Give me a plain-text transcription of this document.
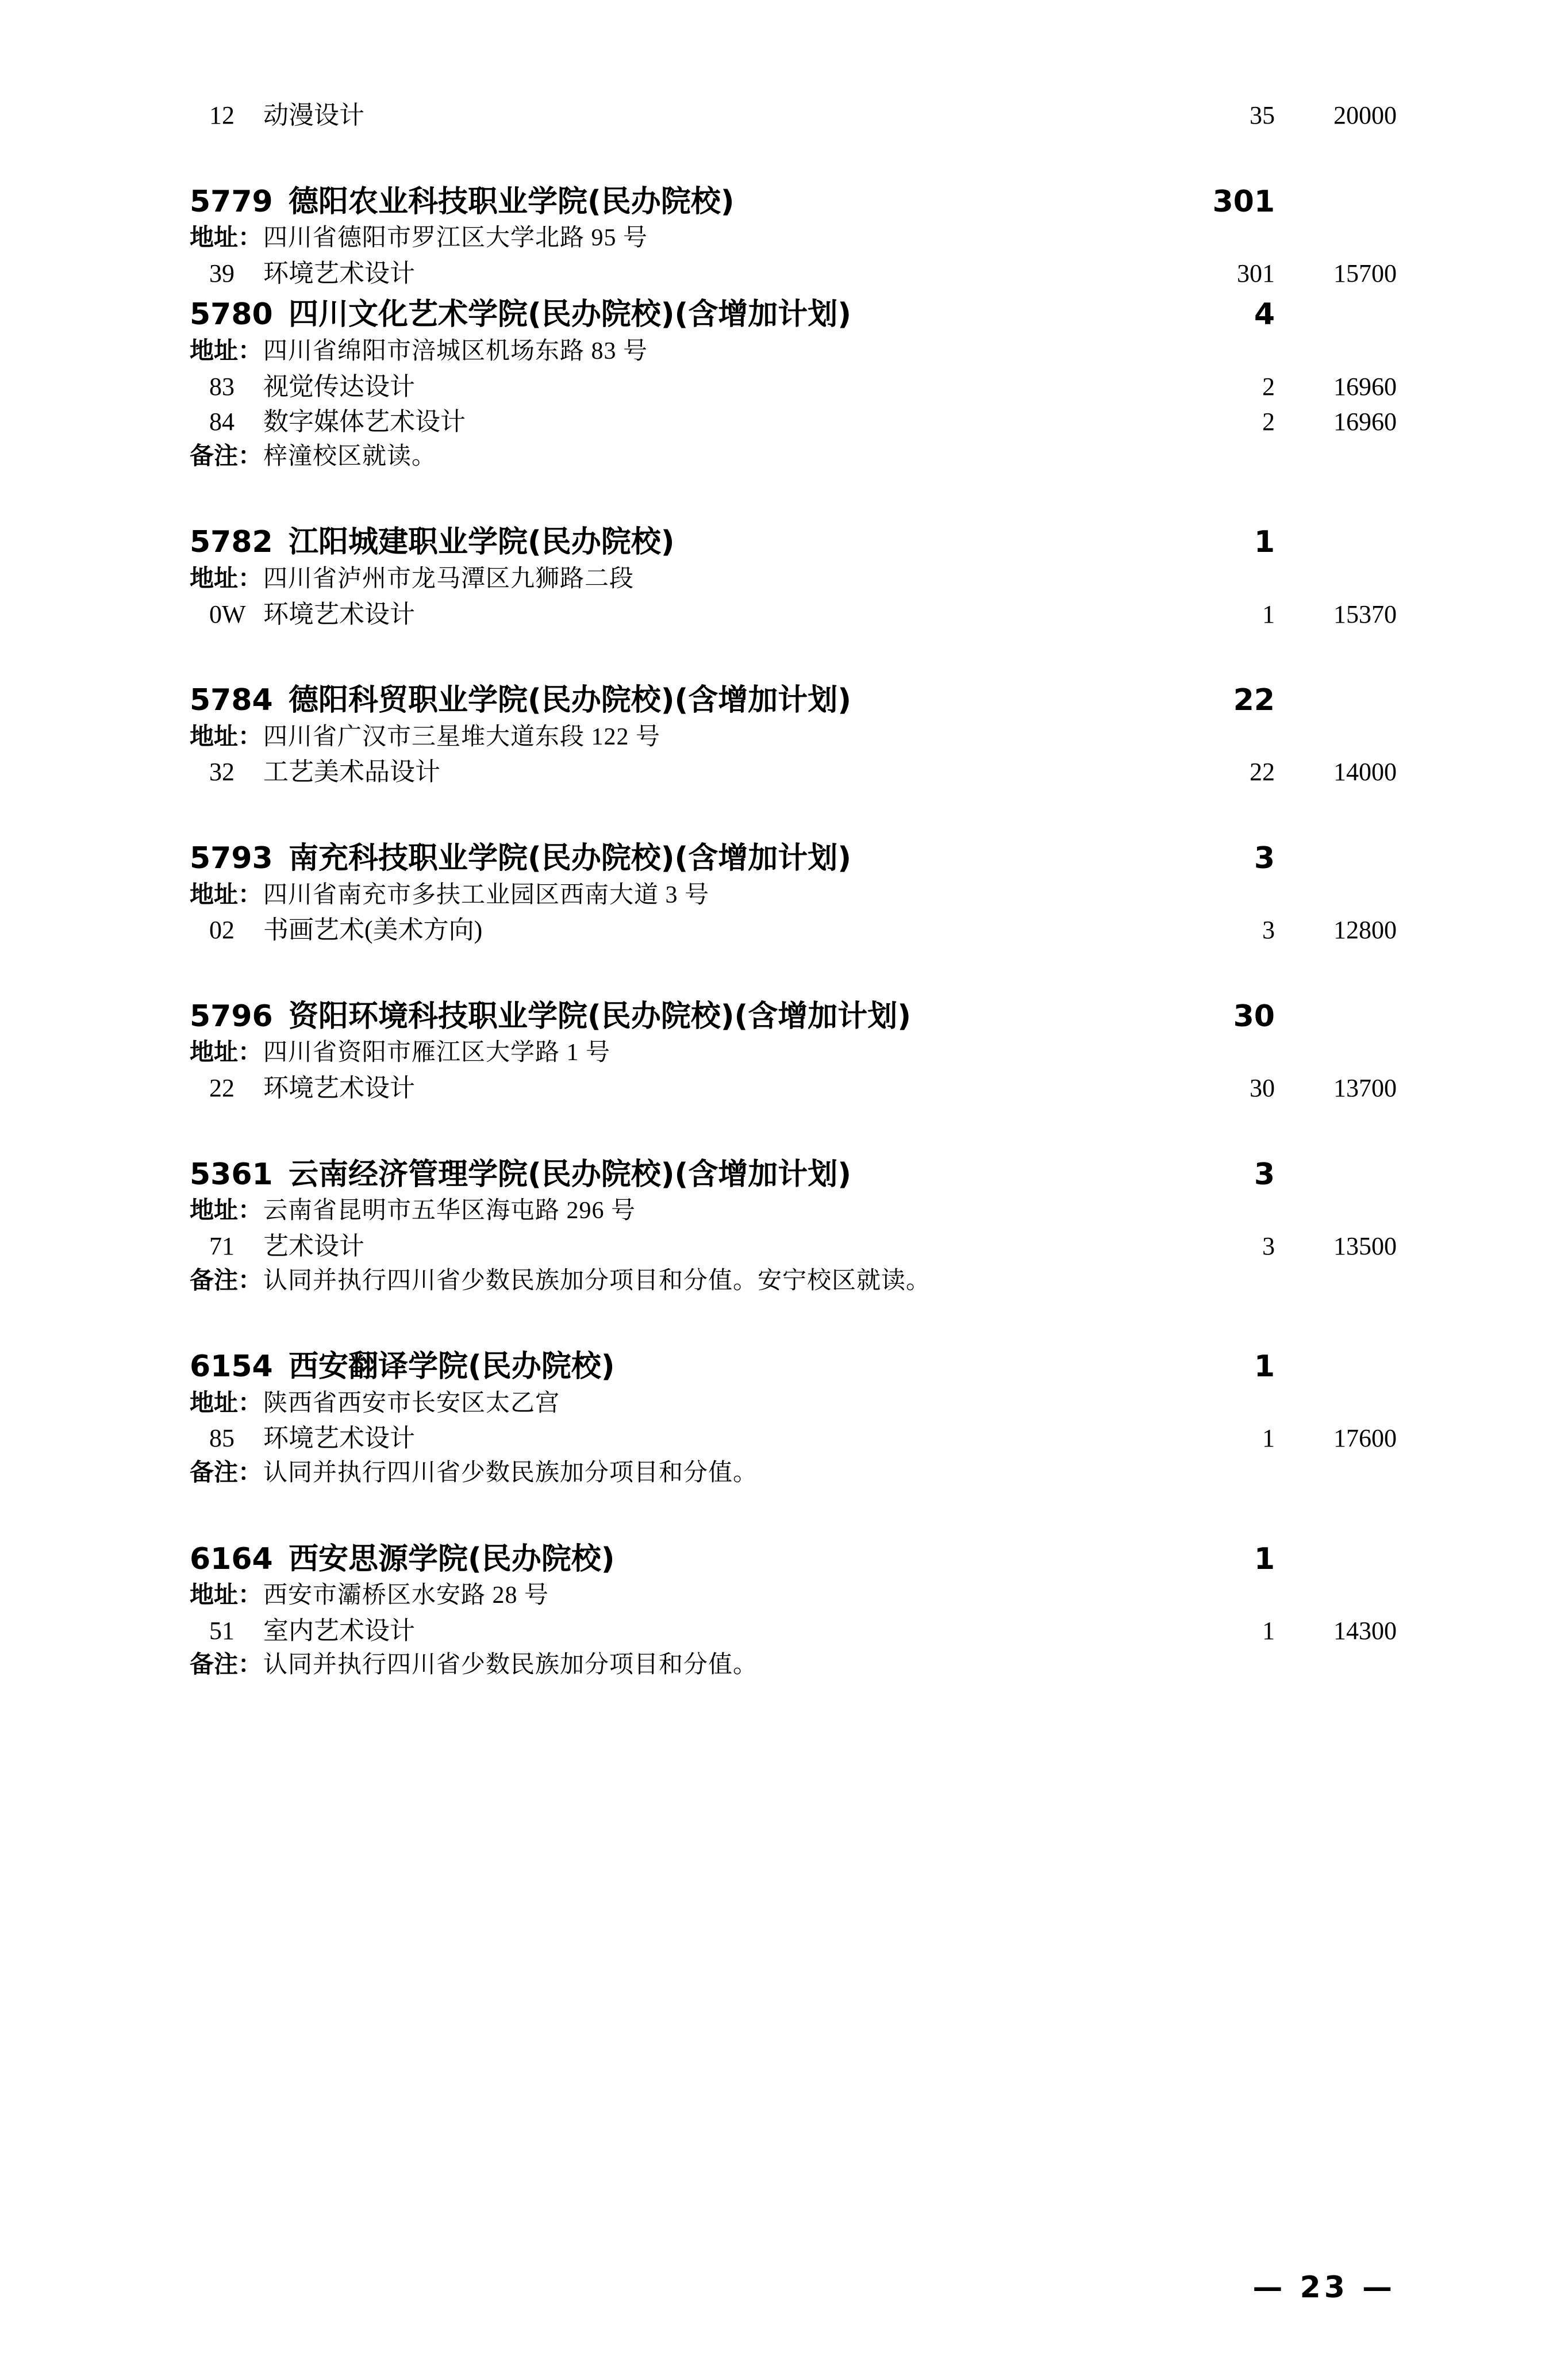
12 动漫设计	35	20000
5779 德阳农业科技职业学院(民办院校)	301
地址：四川省德阳市罗江区大学北路 95 号
39 环境艺术设计	301	15700
5780 四川文化艺术学院(民办院校)(含增加计划)	4
地址：四川省绵阳市涪城区机场东路 83 号
83 视觉传达设计	2	16960
84 数字媒体艺术设计	2	16960
备注：梓潼校区就读。
5782 江阳城建职业学院(民办院校)	1
地址：四川省泸州市龙马潭区九狮路二段
0W 环境艺术设计	1	15370
5784 德阳科贸职业学院(民办院校)(含增加计划)	22
地址：四川省广汉市三星堆大道东段 122 号
32 工艺美术品设计	22	14000
5793 南充科技职业学院(民办院校)(含增加计划)	3
地址：四川省南充市多扶工业园区西南大道 3 号
02 书画艺术(美术方向)	3	12800
5796 资阳环境科技职业学院(民办院校)(含增加计划)	30
地址：四川省资阳市雁江区大学路 1 号
22 环境艺术设计	30	13700
5361 云南经济管理学院(民办院校)(含增加计划)	3
地址：云南省昆明市五华区海屯路 296 号
71 艺术设计	3	13500
备注：认同并执行四川省少数民族加分项目和分值。安宁校区就读。
6154 西安翻译学院(民办院校)	1
地址：陕西省西安市长安区太乙宫
85 环境艺术设计	1	17600
备注：认同并执行四川省少数民族加分项目和分值。
6164 西安思源学院(民办院校)	1
地址：西安市灞桥区水安路 28 号
51 室内艺术设计	1	14300
备注：认同并执行四川省少数民族加分项目和分值。
— 23 —
